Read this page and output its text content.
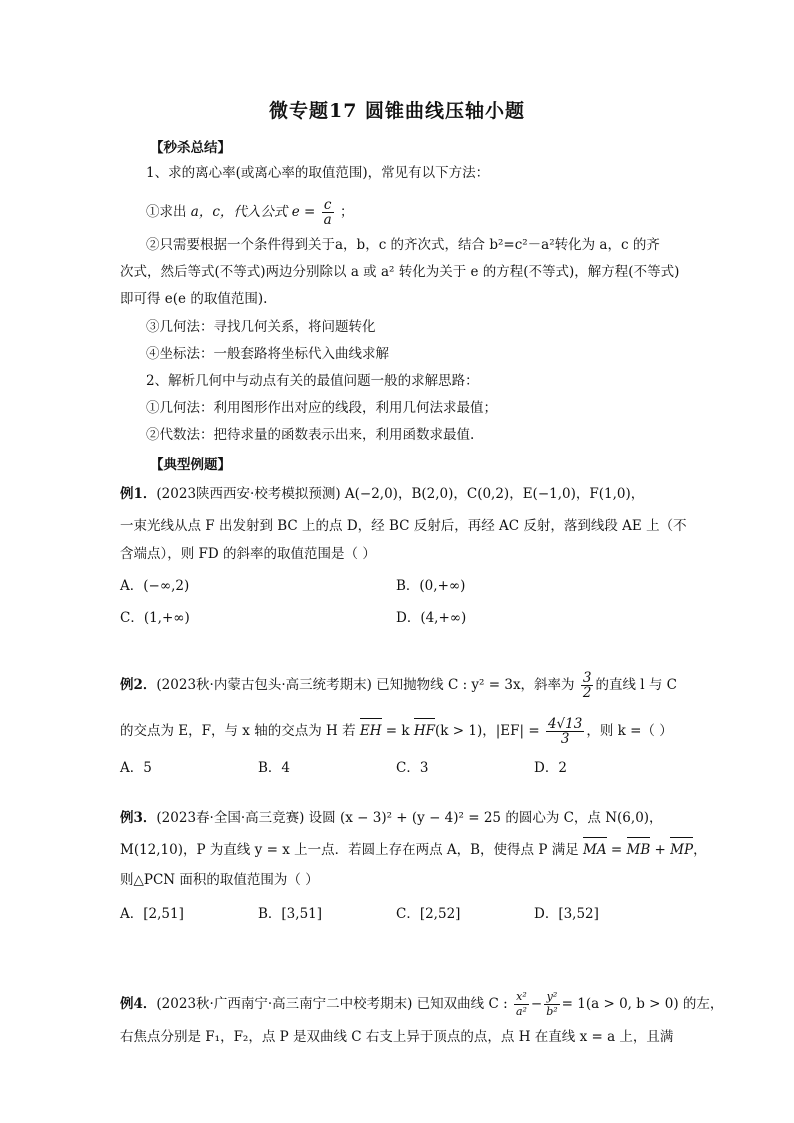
微专题17 圆锥曲线压轴小题
【秒杀总结】
1、求的离心率(或离心率的取值范围)，常见有以下方法：
①求出 a，c，代入公式 $e = \frac{c}{a}$ ；
②只需要根据一个条件得到关于a，b，c 的齐次式，结合 b²=c²－a²转化为 a，c 的齐
次式，然后等式(不等式)两边分别除以 a 或 a² 转化为关于 e 的方程(不等式)，解方程(不等式)
即可得 e(e 的取值范围).
③几何法：寻找几何关系，将问题转化
④坐标法：一般套路将坐标代入曲线求解
2、解析几何中与动点有关的最值问题一般的求解思路：
①几何法：利用图形作出对应的线段，利用几何法求最值；
②代数法：把待求量的函数表示出来，利用函数求最值.
【典型例题】
例1．(2023陕西西安·校考模拟预测) A(−2,0)，B(2,0)，C(0,2)，E(−1,0)，F(1,0)，
一束光线从点 F 出发射到 BC 上的点 D，经 BC 反射后，再经 AC 反射，落到线段 AE 上（不
含端点），则 FD 的斜率的取值范围是（ ）
A．(−∞,2)	B．(0,+∞)
C．(1,+∞)	D．(4,+∞)
例2．(2023秋·内蒙古包头·高三统考期末) 已知抛物线 C : y² = 3x，斜率为 $\frac{3}{2}$ 的直线 l 与 C
的交点为 E，F，与 x 轴的交点为 H 若 EH = k HF(k > 1)，$|EF| = \frac{4√13}{3}$ ，则 k =（ ）
A．5	B．4	C．3	D．2
例3．(2023春·全国·高三竞赛) 设圆 (x − 3)² + (y − 4)² = 25 的圆心为 C，点 N(6,0)，
M(12,10)，P 为直线 y = x 上一点．若圆上存在两点 A，B，使得点 P 满足 MA = MB + MP，
则△PCN 面积的取值范围为（ ）
A．[2,51]	B．[3,51]	C．[2,52]	D．[3,52]
例4．(2023秋·广西南宁·高三南宁二中校考期末) 已知双曲线 C : $\frac{\text{x²}}{\text{a²}} - \frac{\text{y²}}{\text{b²}} = 1(a > 0$, b > 0) 的左，
右焦点分别是 F₁，F₂，点 P 是双曲线 C 右支上异于顶点的点，点 H 在直线 x = a 上，且满
